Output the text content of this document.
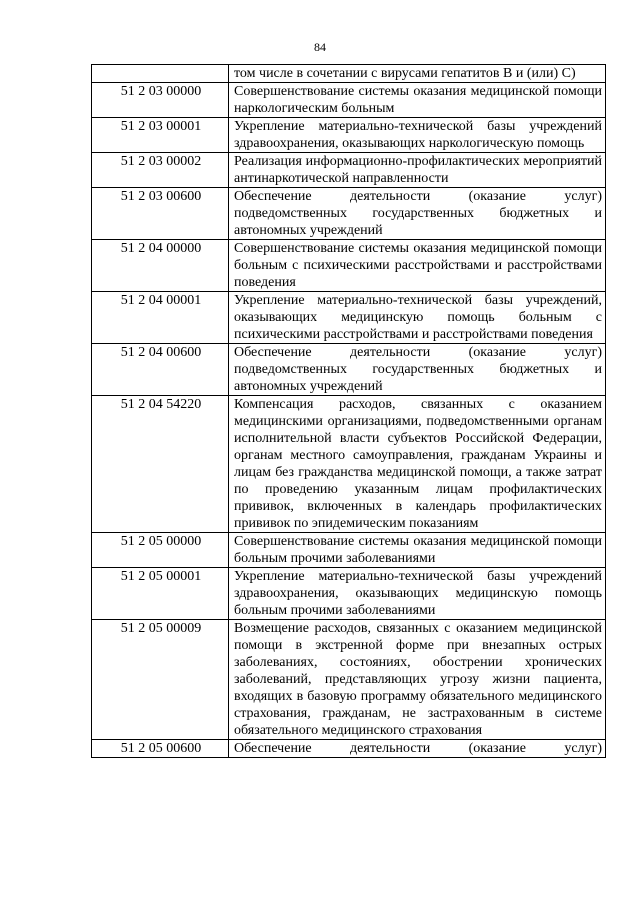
84
	том числе в сочетании с вирусами гепатитов В и (или) С)
51 2 03 00000	Совершенствование системы оказания медицинской помощи наркологическим больным
51 2 03 00001	Укрепление материально-технической базы учреждений здравоохранения, оказывающих наркологическую помощь
51 2 03 00002	Реализация информационно-профилактических мероприятий антинаркотической направленности
51 2 03 00600	Обеспечение деятельности (оказание услуг) подведомственных государственных бюджетных и автономных учреждений
51 2 04 00000	Совершенствование системы оказания медицинской помощи больным с психическими расстройствами и расстройствами поведения
51 2 04 00001	Укрепление материально-технической базы учреждений, оказывающих медицинскую помощь больным с психическими расстройствами и расстройствами поведения
51 2 04 00600	Обеспечение деятельности (оказание услуг) подведомственных государственных бюджетных и автономных учреждений
51 2 04 54220	Компенсация расходов, связанных с оказанием медицинскими организациями, подведомственными органам исполнительной власти субъектов Российской Федерации, органам местного самоуправления, гражданам Украины и лицам без гражданства медицинской помощи, а также затрат по проведению указанным лицам профилактических прививок, включенных в календарь профилактических прививок по эпидемическим показаниям
51 2 05 00000	Совершенствование системы оказания медицинской помощи больным прочими заболеваниями
51 2 05 00001	Укрепление материально-технической базы учреждений здравоохранения, оказывающих медицинскую помощь больным прочими заболеваниями
51 2 05 00009	Возмещение расходов, связанных с оказанием медицинской помощи в экстренной форме при внезапных острых заболеваниях, состояниях, обострении хронических заболеваний, представляющих угрозу жизни пациента, входящих в базовую программу обязательного медицинского страхования, гражданам, не застрахованным в системе обязательного медицинского страхования
51 2 05 00600	Обеспечение деятельности (оказание услуг)
